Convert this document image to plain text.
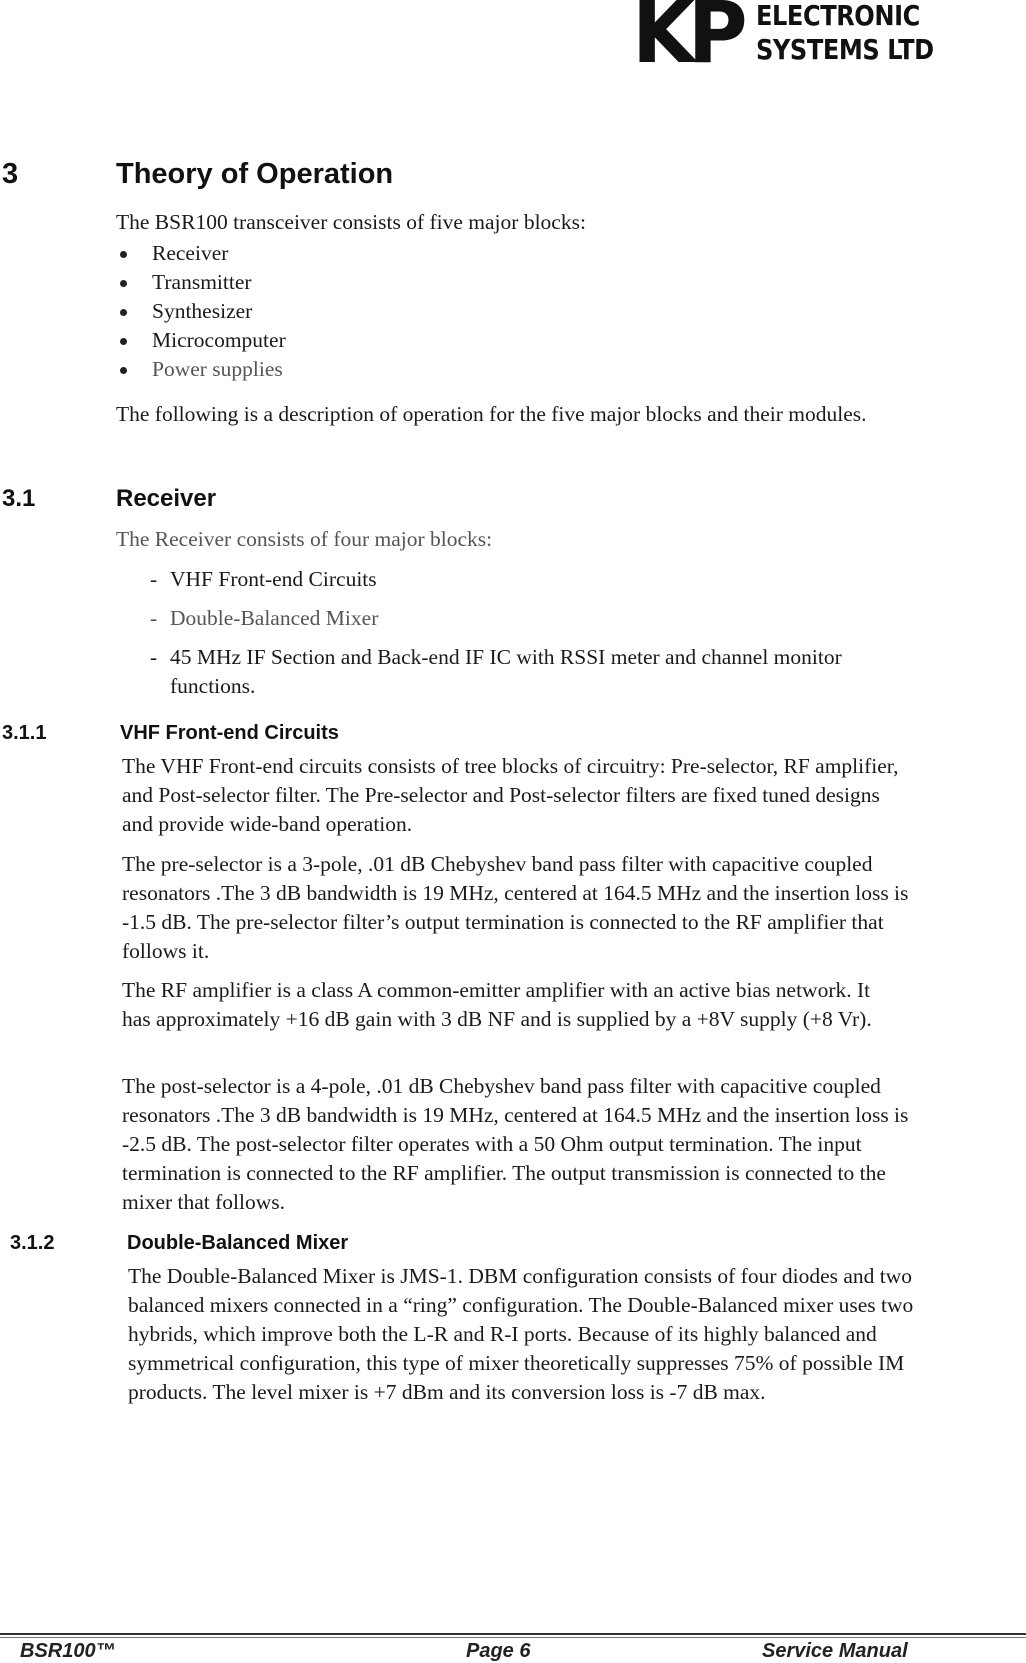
KP ELECTRONIC
SYSTEMS LTD
3	Theory of Operation
The BSR100 transceiver consists of five major blocks:
Receiver
Transmitter
Synthesizer
Microcomputer
Power supplies
The following is a description of operation for the five major blocks and their modules.
3.1	Receiver
The Receiver consists of four major blocks:
- VHF Front-end Circuits
- Double-Balanced Mixer
- 45 MHz IF Section and Back-end IF IC with RSSI meter and channel monitor functions.
3.1.1	VHF Front-end Circuits
The VHF Front-end circuits consists of tree blocks of circuitry: Pre-selector, RF amplifier, and Post-selector filter. The Pre-selector and Post-selector filters are fixed tuned designs and provide wide-band operation.
The pre-selector is a 3-pole, .01 dB Chebyshev band pass filter with capacitive coupled resonators .The 3 dB bandwidth is 19 MHz, centered at 164.5 MHz and the insertion loss is -1.5 dB. The pre-selector filter’s output termination is connected to the RF amplifier that follows it.
The RF amplifier is a class A common-emitter amplifier with an active bias network. It has approximately +16 dB gain with 3 dB NF and is supplied by a +8V supply (+8 Vr).
The post-selector is a 4-pole, .01 dB Chebyshev band pass filter with capacitive coupled resonators .The 3 dB bandwidth is 19 MHz, centered at 164.5 MHz and the insertion loss is -2.5 dB. The post-selector filter operates with a 50 Ohm output termination. The input termination is connected to the RF amplifier. The output transmission is connected to the mixer that follows.
3.1.2	Double-Balanced Mixer
The Double-Balanced Mixer is JMS-1. DBM configuration consists of four diodes and two balanced mixers connected in a “ring” configuration. The Double-Balanced mixer uses two hybrids, which improve both the L-R and R-I ports. Because of its highly balanced and symmetrical configuration, this type of mixer theoretically suppresses 75% of possible IM products. The level mixer is +7 dBm and its conversion loss is -7 dB max.
BSR100™	Page 6	Service Manual
